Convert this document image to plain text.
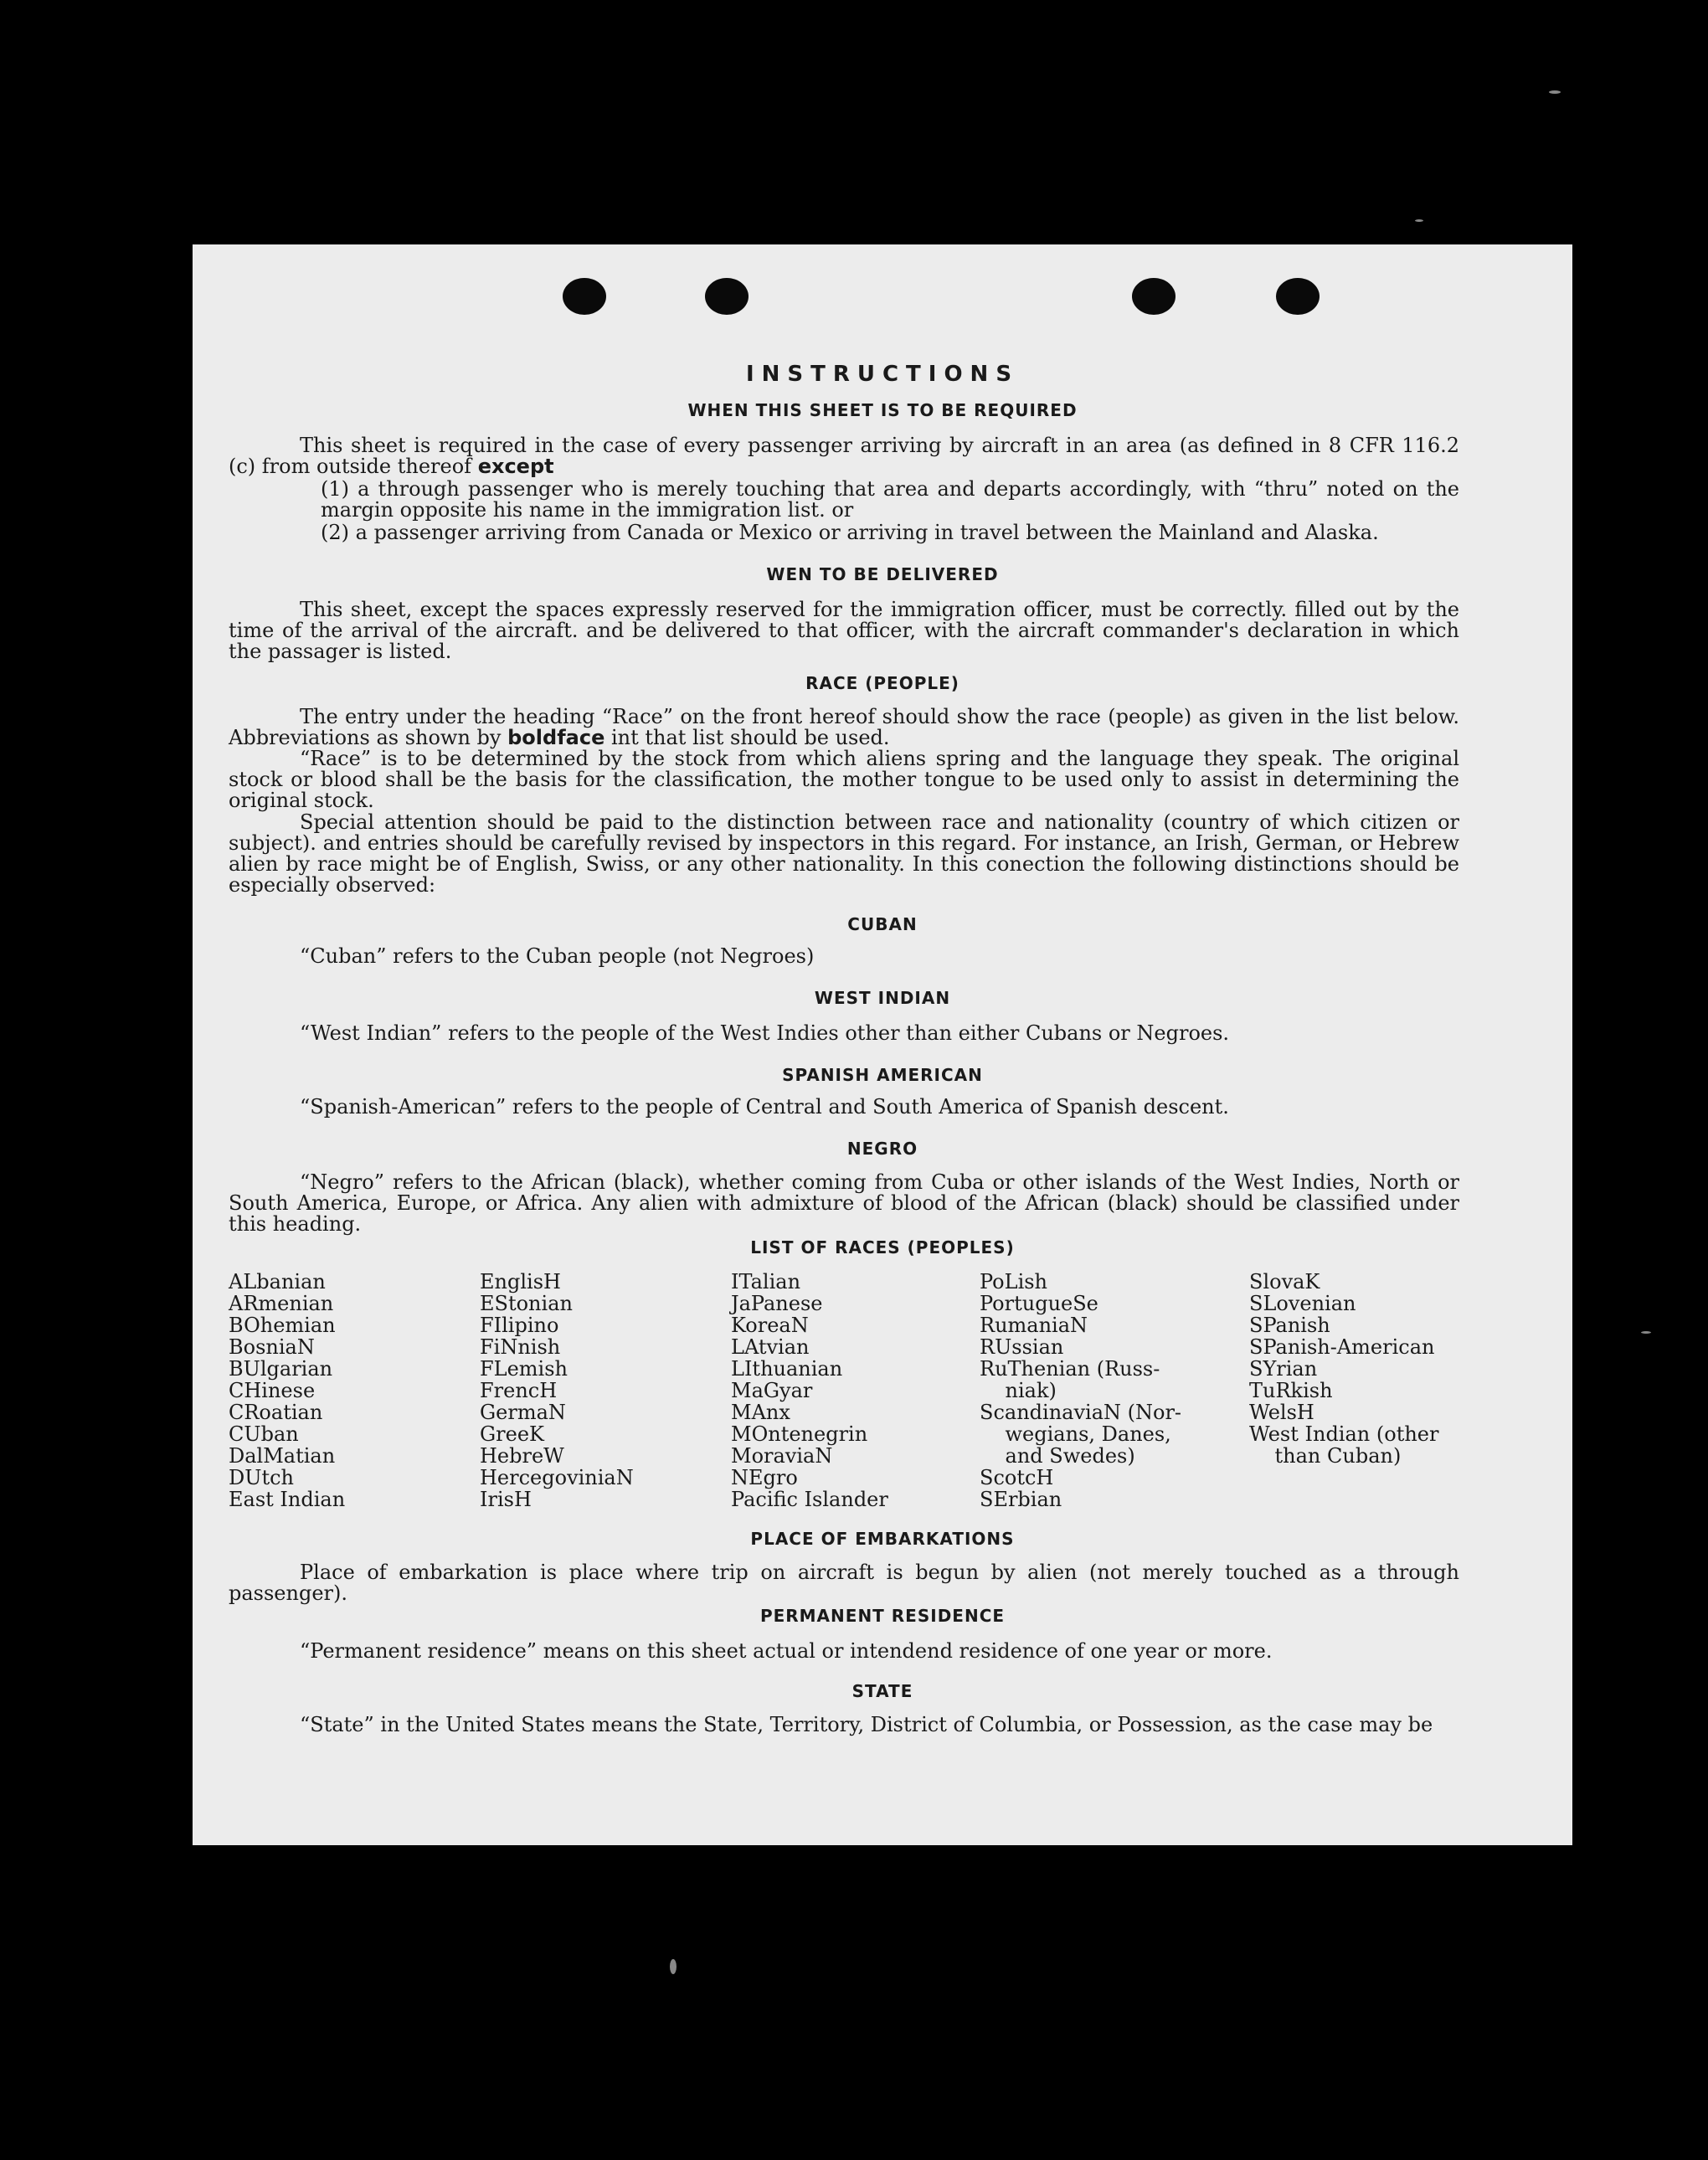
INSTRUCTIONS
WHEN THIS SHEET IS TO BE REQUIRED
This sheet is required in the case of every passenger arriving by aircraft in an area (as defined in 8 CFR 116.2 (c) from outside thereof except
(1) a through passenger who is merely touching that area and departs accordingly, with “thru” noted on the margin opposite his name in the immigration list. or
(2) a passenger arriving from Canada or Mexico or arriving in travel between the Mainland and Alaska.
WEN TO BE DELIVERED
This sheet, except the spaces expressly reserved for the immigration officer, must be correctly. filled out by the time of the arrival of the aircraft. and be delivered to that officer, with the aircraft commander's declaration in which the passager is listed.
RACE (PEOPLE)
The entry under the heading “Race” on the front hereof should show the race (people) as given in the list below. Abbreviations as shown by boldface int that list should be used.
“Race” is to be determined by the stock from which aliens spring and the language they speak. The original stock or blood shall be the basis for the classification, the mother tongue to be used only to assist in determining the original stock.
Special attention should be paid to the distinction between race and nationality (country of which citizen or subject). and entries should be carefully revised by inspectors in this regard. For instance, an Irish, German, or Hebrew alien by race might be of English, Swiss, or any other nationality. In this conection the following distinctions should be especially observed:
CUBAN
“Cuban” refers to the Cuban people (not Negroes)
WEST INDIAN
“West Indian” refers to the people of the West Indies other than either Cubans or Negroes.
SPANISH AMERICAN
“Spanish-American” refers to the people of Central and South America of Spanish descent.
NEGRO
“Negro” refers to the African (black), whether coming from Cuba or other islands of the West Indies, North or South America, Europe, or Africa. Any alien with admixture of blood of the African (black) should be classified under this heading.
LIST OF RACES (PEOPLES)
ALbanian
ARmenian
BOhemian
BosniaN
BUlgarian
CHinese
CRoatian
CUban
DalMatian
DUtch
East Indian
EnglisH
EStonian
FIlipino
FiNnish
FLemish
FrencH
GermaN
GreeK
HebreW
HercegoviniaN
IrisH
ITalian
JaPanese
KoreaN
LAtvian
LIthuanian
MaGyar
MAnx
MOntenegrin
MoraviaN
NEgro
Pacific Islander
PoLish
PortugueSe
RumaniaN
RUssian
RuThenian (Russ-
niak)
ScandinaviaN (Nor-
wegians, Danes,
and Swedes)
ScotcH
SErbian
SlovaK
SLovenian
SPanish
SPanish-American
SYrian
TuRkish
WelsH
West Indian (other
than Cuban)
PLACE OF EMBARKATIONS
Place of embarkation is place where trip on aircraft is begun by alien (not merely touched as a through passenger).
PERMANENT RESIDENCE
“Permanent residence” means on this sheet actual or intendend residence of one year or more.
STATE
“State” in the United States means the State, Territory, District of Columbia, or Possession, as the case may be
